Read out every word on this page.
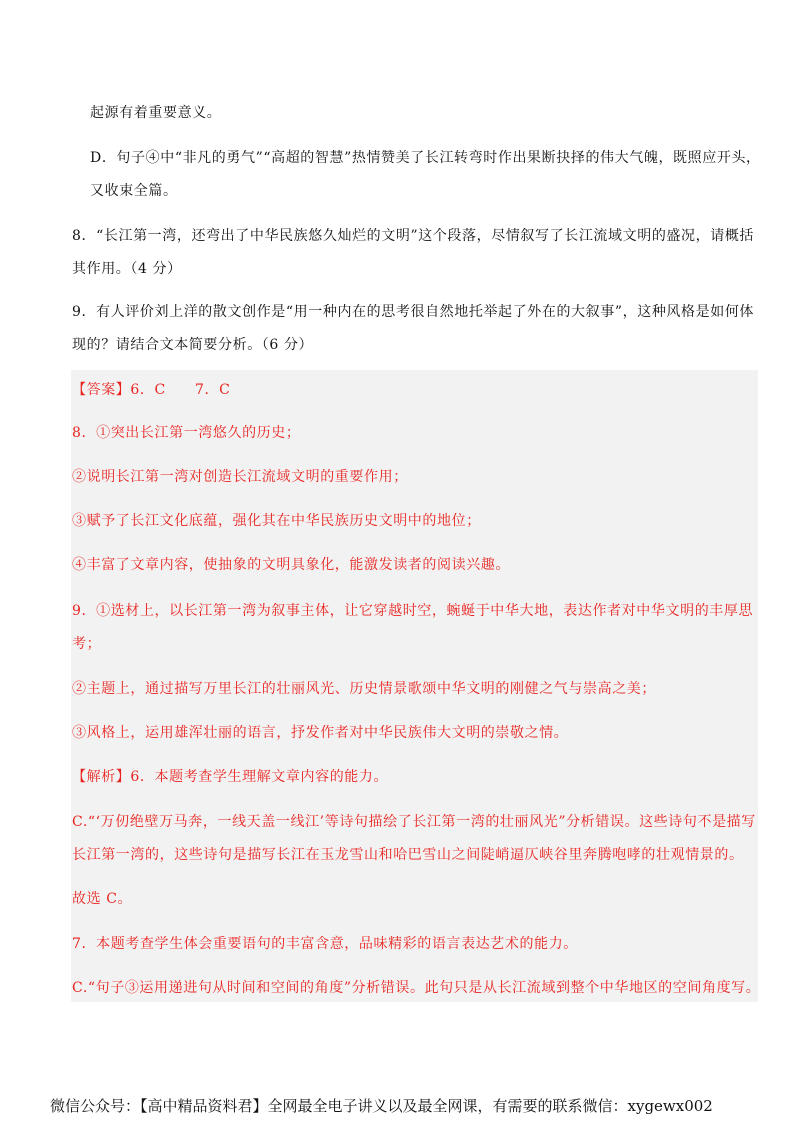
起源有着重要意义。
D．句子④中“非凡的勇气”“高超的智慧”热情赞美了长江转弯时作出果断抉择的伟大气魄，既照应开头，
又收束全篇。
8．“长江第一湾，还弯出了中华民族悠久灿烂的文明”这个段落，尽情叙写了长江流域文明的盛况，请概括
其作用。（4 分）
9．有人评价刘上洋的散文创作是“用一种内在的思考很自然地托举起了外在的大叙事”，这种风格是如何体
现的？请结合文本简要分析。（6 分）
【答案】6．C　　7．C
8．①突出长江第一湾悠久的历史；
②说明长江第一湾对创造长江流域文明的重要作用；
③赋予了长江文化底蕴，强化其在中华民族历史文明中的地位；
④丰富了文章内容，使抽象的文明具象化，能激发读者的阅读兴趣。
9．①选材上，以长江第一湾为叙事主体，让它穿越时空，蜿蜒于中华大地，表达作者对中华文明的丰厚思
考；
②主题上，通过描写万里长江的壮丽风光、历史情景歌颂中华文明的刚健之气与崇高之美；
③风格上，运用雄浑壮丽的语言，抒发作者对中华民族伟大文明的崇敬之情。
【解析】6．本题考查学生理解文章内容的能力。
C.“‘万仞绝壁万马奔，一线天盖一线江’等诗句描绘了长江第一湾的壮丽风光”分析错误。这些诗句不是描写
长江第一湾的，这些诗句是描写长江在玉龙雪山和哈巴雪山之间陡峭逼仄峡谷里奔腾咆哮的壮观情景的。
故选 C。
7．本题考查学生体会重要语句的丰富含意，品味精彩的语言表达艺术的能力。
C.“句子③运用递进句从时间和空间的角度”分析错误。此句只是从长江流域到整个中华地区的空间角度写。
微信公众号：【高中精品资料君】全网最全电子讲义以及最全网课，有需要的联系微信：xygewx002
